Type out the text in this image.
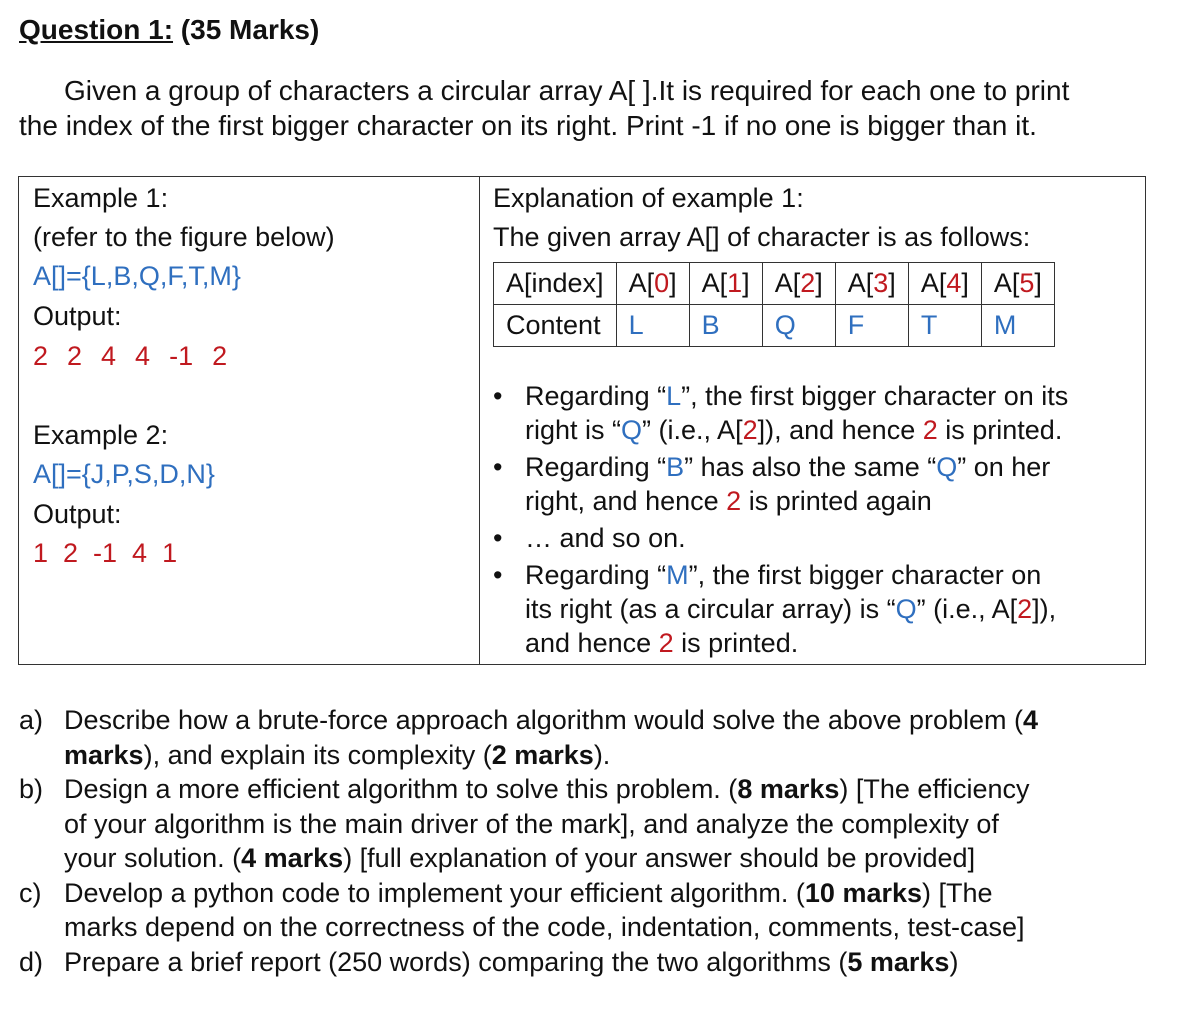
Question 1: (35 Marks)
Given a group of characters a circular array A[ ].It is required for each one to print
the index of the first bigger character on its right. Print -1 if no one is bigger than it.
Example 1:
(refer to the figure below)
A[]={L,B,Q,F,T,M}
Output:
2  2  4  4  -1  2
Example 2:
A[]={J,P,S,D,N}
Output:
1  2  -1  4  1
Explanation of example 1:
The given array A[] of character is as follows:
A[index]	A[0]	A[1]	A[2]	A[3]	A[4]	A[5]
Content	L	B	Q	F	T	M
• Regarding “L”, the first bigger character on its
right is “Q” (i.e., A[2]), and hence 2 is printed.
• Regarding “B” has also the same “Q” on her
right, and hence 2 is printed again
• … and so on.
• Regarding “M”, the first bigger character on
its right (as a circular array) is “Q” (i.e., A[2]),
and hence 2 is printed.
a) Describe how a brute-force approach algorithm would solve the above problem (4
marks), and explain its complexity (2 marks).
b) Design a more efficient algorithm to solve this problem. (8 marks) [The efficiency
of your algorithm is the main driver of the mark], and analyze the complexity of
your solution. (4 marks) [full explanation of your answer should be provided]
c) Develop a python code to implement your efficient algorithm. (10 marks) [The
marks depend on the correctness of the code, indentation, comments, test-case]
d) Prepare a brief report (250 words) comparing the two algorithms (5 marks)
